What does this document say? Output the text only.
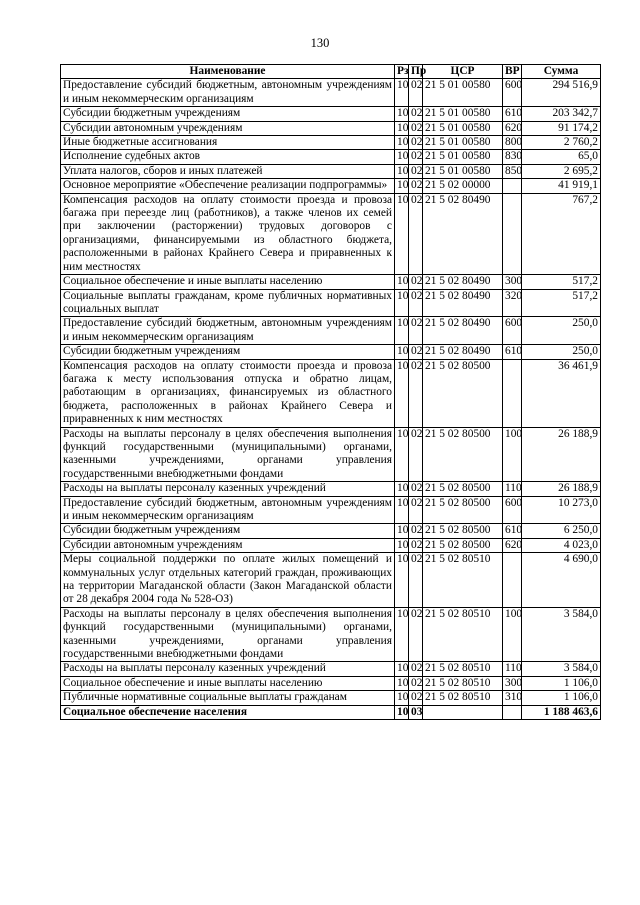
130
Наименование	Рз	Пр	ЦСР	ВР	Сумма
Предоставление субсидий бюджетным, автономным учреждениям и иным некоммерческим организациям	10	02	21 5 01 00580	600	294 516,9
Субсидии бюджетным учреждениям	10	02	21 5 01 00580	610	203 342,7
Субсидии автономным учреждениям	10	02	21 5 01 00580	620	91 174,2
Иные бюджетные ассигнования	10	02	21 5 01 00580	800	2 760,2
Исполнение судебных актов	10	02	21 5 01 00580	830	65,0
Уплата налогов, сборов и иных платежей	10	02	21 5 01 00580	850	2 695,2
Основное мероприятие «Обеспечение реализации подпрограммы»	10	02	21 5 02 00000		41 919,1
Компенсация расходов на оплату стоимости проезда и провоза багажа при переезде лиц (работников), а также членов их семей при заключении (расторжении) трудовых договоров с организациями, финансируемыми из областного бюджета, расположенными в районах Крайнего Севера и приравненных к ним местностях	10	02	21 5 02 80490		767,2
Социальное обеспечение и иные выплаты населению	10	02	21 5 02 80490	300	517,2
Социальные выплаты гражданам, кроме публичных нормативных социальных выплат	10	02	21 5 02 80490	320	517,2
Предоставление субсидий бюджетным, автономным учреждениям и иным некоммерческим организациям	10	02	21 5 02 80490	600	250,0
Субсидии бюджетным учреждениям	10	02	21 5 02 80490	610	250,0
Компенсация расходов на оплату стоимости проезда и провоза багажа к месту использования отпуска и обратно лицам, работающим в организациях, финансируемых из областного бюджета, расположенных в районах Крайнего Севера и приравненных к ним местностях	10	02	21 5 02 80500		36 461,9
Расходы на выплаты персоналу в целях обеспечения выполнения функций государственными (муниципальными) органами, казенными учреждениями, органами управления государственными внебюджетными фондами	10	02	21 5 02 80500	100	26 188,9
Расходы на выплаты персоналу казенных учреждений	10	02	21 5 02 80500	110	26 188,9
Предоставление субсидий бюджетным, автономным учреждениям и иным некоммерческим организациям	10	02	21 5 02 80500	600	10 273,0
Субсидии бюджетным учреждениям	10	02	21 5 02 80500	610	6 250,0
Субсидии автономным учреждениям	10	02	21 5 02 80500	620	4 023,0
Меры социальной поддержки по оплате жилых помещений и коммунальных услуг отдельных категорий граждан, проживающих на территории Магаданской области (Закон Магаданской области от 28 декабря 2004 года № 528-ОЗ)	10	02	21 5 02 80510		4 690,0
Расходы на выплаты персоналу в целях обеспечения выполнения функций государственными (муниципальными) органами, казенными учреждениями, органами управления государственными внебюджетными фондами	10	02	21 5 02 80510	100	3 584,0
Расходы на выплаты персоналу казенных учреждений	10	02	21 5 02 80510	110	3 584,0
Социальное обеспечение и иные выплаты населению	10	02	21 5 02 80510	300	1 106,0
Публичные нормативные социальные выплаты гражданам	10	02	21 5 02 80510	310	1 106,0
Социальное обеспечение населения	10	03			1 188 463,6
